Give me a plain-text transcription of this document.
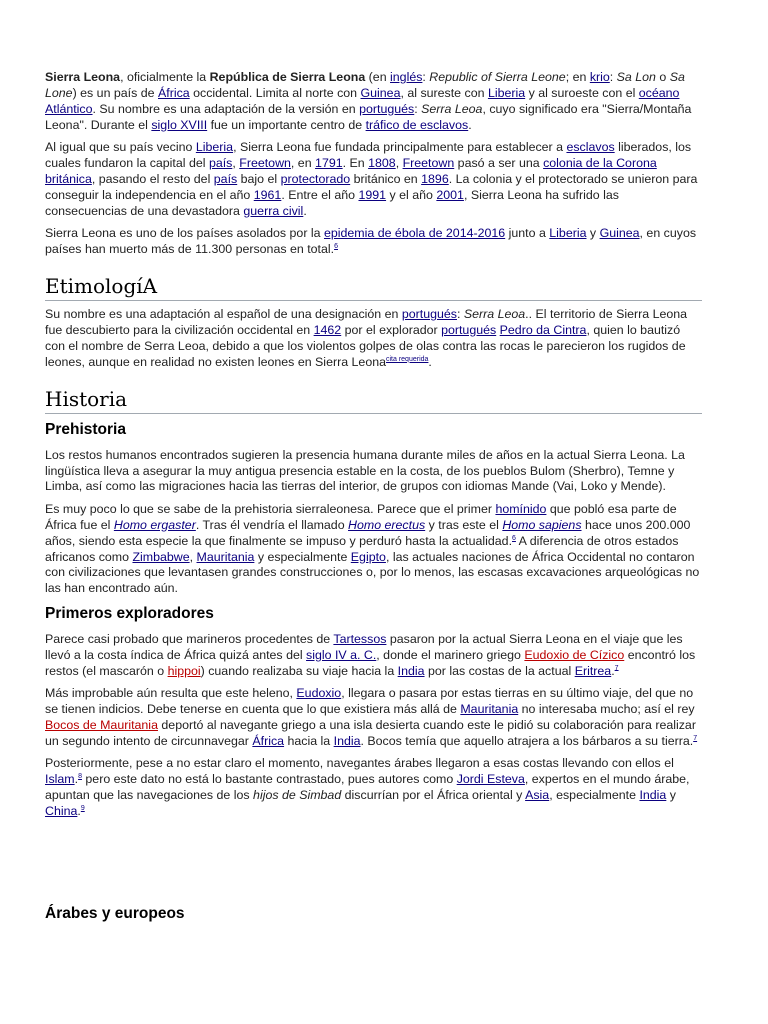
Sierra Leona, oficialmente la República de Sierra Leona (en inglés: Republic of Sierra Leone; en krio: Sa Lon o Sa Lone) es un país de África occidental. Limita al norte con Guinea, al sureste con Liberia y al suroeste con el océano Atlántico. Su nombre es una adaptación de la versión en portugués: Serra Leoa, cuyo significado era "Sierra/Montaña Leona". Durante el siglo XVIII fue un importante centro de tráfico de esclavos.

Al igual que su país vecino Liberia, Sierra Leona fue fundada principalmente para establecer a esclavos liberados, los cuales fundaron la capital del país, Freetown, en 1791. En 1808, Freetown pasó a ser una colonia de la Corona británica, pasando el resto del país bajo el protectorado británico en 1896. La colonia y el protectorado se unieron para conseguir la independencia en el año 1961. Entre el año 1991 y el año 2001, Sierra Leona ha sufrido las consecuencias de una devastadora guerra civil.

Sierra Leona es uno de los países asolados por la epidemia de ébola de 2014-2016 junto a Liberia y Guinea, en cuyos países han muerto más de 11.300 personas en total.$^6$

EtimologíA

Su nombre es una adaptación al español de una designación en portugués: Serra Leoa.. El territorio de Sierra Leona fue descubierto para la civilización occidental en 1462 por el explorador portugués Pedro da Cintra, quien lo bautizó con el nombre de Serra Leoa, debido a que los violentos golpes de olas contra las rocas le parecieron los rugidos de leones, aunque en realidad no existen leones en Sierra Leona$^{cita requerida}$.

Historia
Prehistoria

Los restos humanos encontrados sugieren la presencia humana durante miles de años en la actual Sierra Leona. La lingüística lleva a asegurar la muy antigua presencia estable en la costa, de los pueblos Bulom (Sherbro), Temne y Limba, así como las migraciones hacia las tierras del interior, de grupos con idiomas Mande (Vai, Loko y Mende).

Es muy poco lo que se sabe de la prehistoria sierraleonesa. Parece que el primer homínido que pobló esa parte de África fue el Homo ergaster. Tras él vendría el llamado Homo erectus y tras este el Homo sapiens hace unos 200.000 años, siendo esta especie la que finalmente se impuso y perduró hasta la actualidad.$^6$ A diferencia de otros estados africanos como Zimbabwe, Mauritania y especialmente Egipto, las actuales naciones de África Occidental no contaron con civilizaciones que levantasen grandes construcciones o, por lo menos, las escasas excavaciones arqueológicas no las han encontrado aún.

Primeros exploradores

Parece casi probado que marineros procedentes de Tartessos pasaron por la actual Sierra Leona en el viaje que les llevó a la costa índica de África quizá antes del siglo IV a. C., donde el marinero griego Eudoxio de Cízico encontró los restos (el mascarón o hippoi) cuando realizaba su viaje hacia la India por las costas de la actual Eritrea.$^7$

Más improbable aún resulta que este heleno, Eudoxio, llegara o pasara por estas tierras en su último viaje, del que no se tienen indicios. Debe tenerse en cuenta que lo que existiera más allá de Mauritania no interesaba mucho; así el rey Bocos de Mauritania deportó al navegante griego a una isla desierta cuando este le pidió su colaboración para realizar un segundo intento de circunnavegar África hacia la India. Bocos temía que aquello atrajera a los bárbaros a su tierra.$^7$

Posteriormente, pese a no estar claro el momento, navegantes árabes llegaron a esas costas llevando con ellos el Islam.$^8$ pero este dato no está lo bastante contrastado, pues autores como Jordi Esteva, expertos en el mundo árabe, apuntan que las navegaciones de los hijos de Simbad discurrían por el África oriental y Asia, especialmente India y China.$^9$

Árabes y europeos
